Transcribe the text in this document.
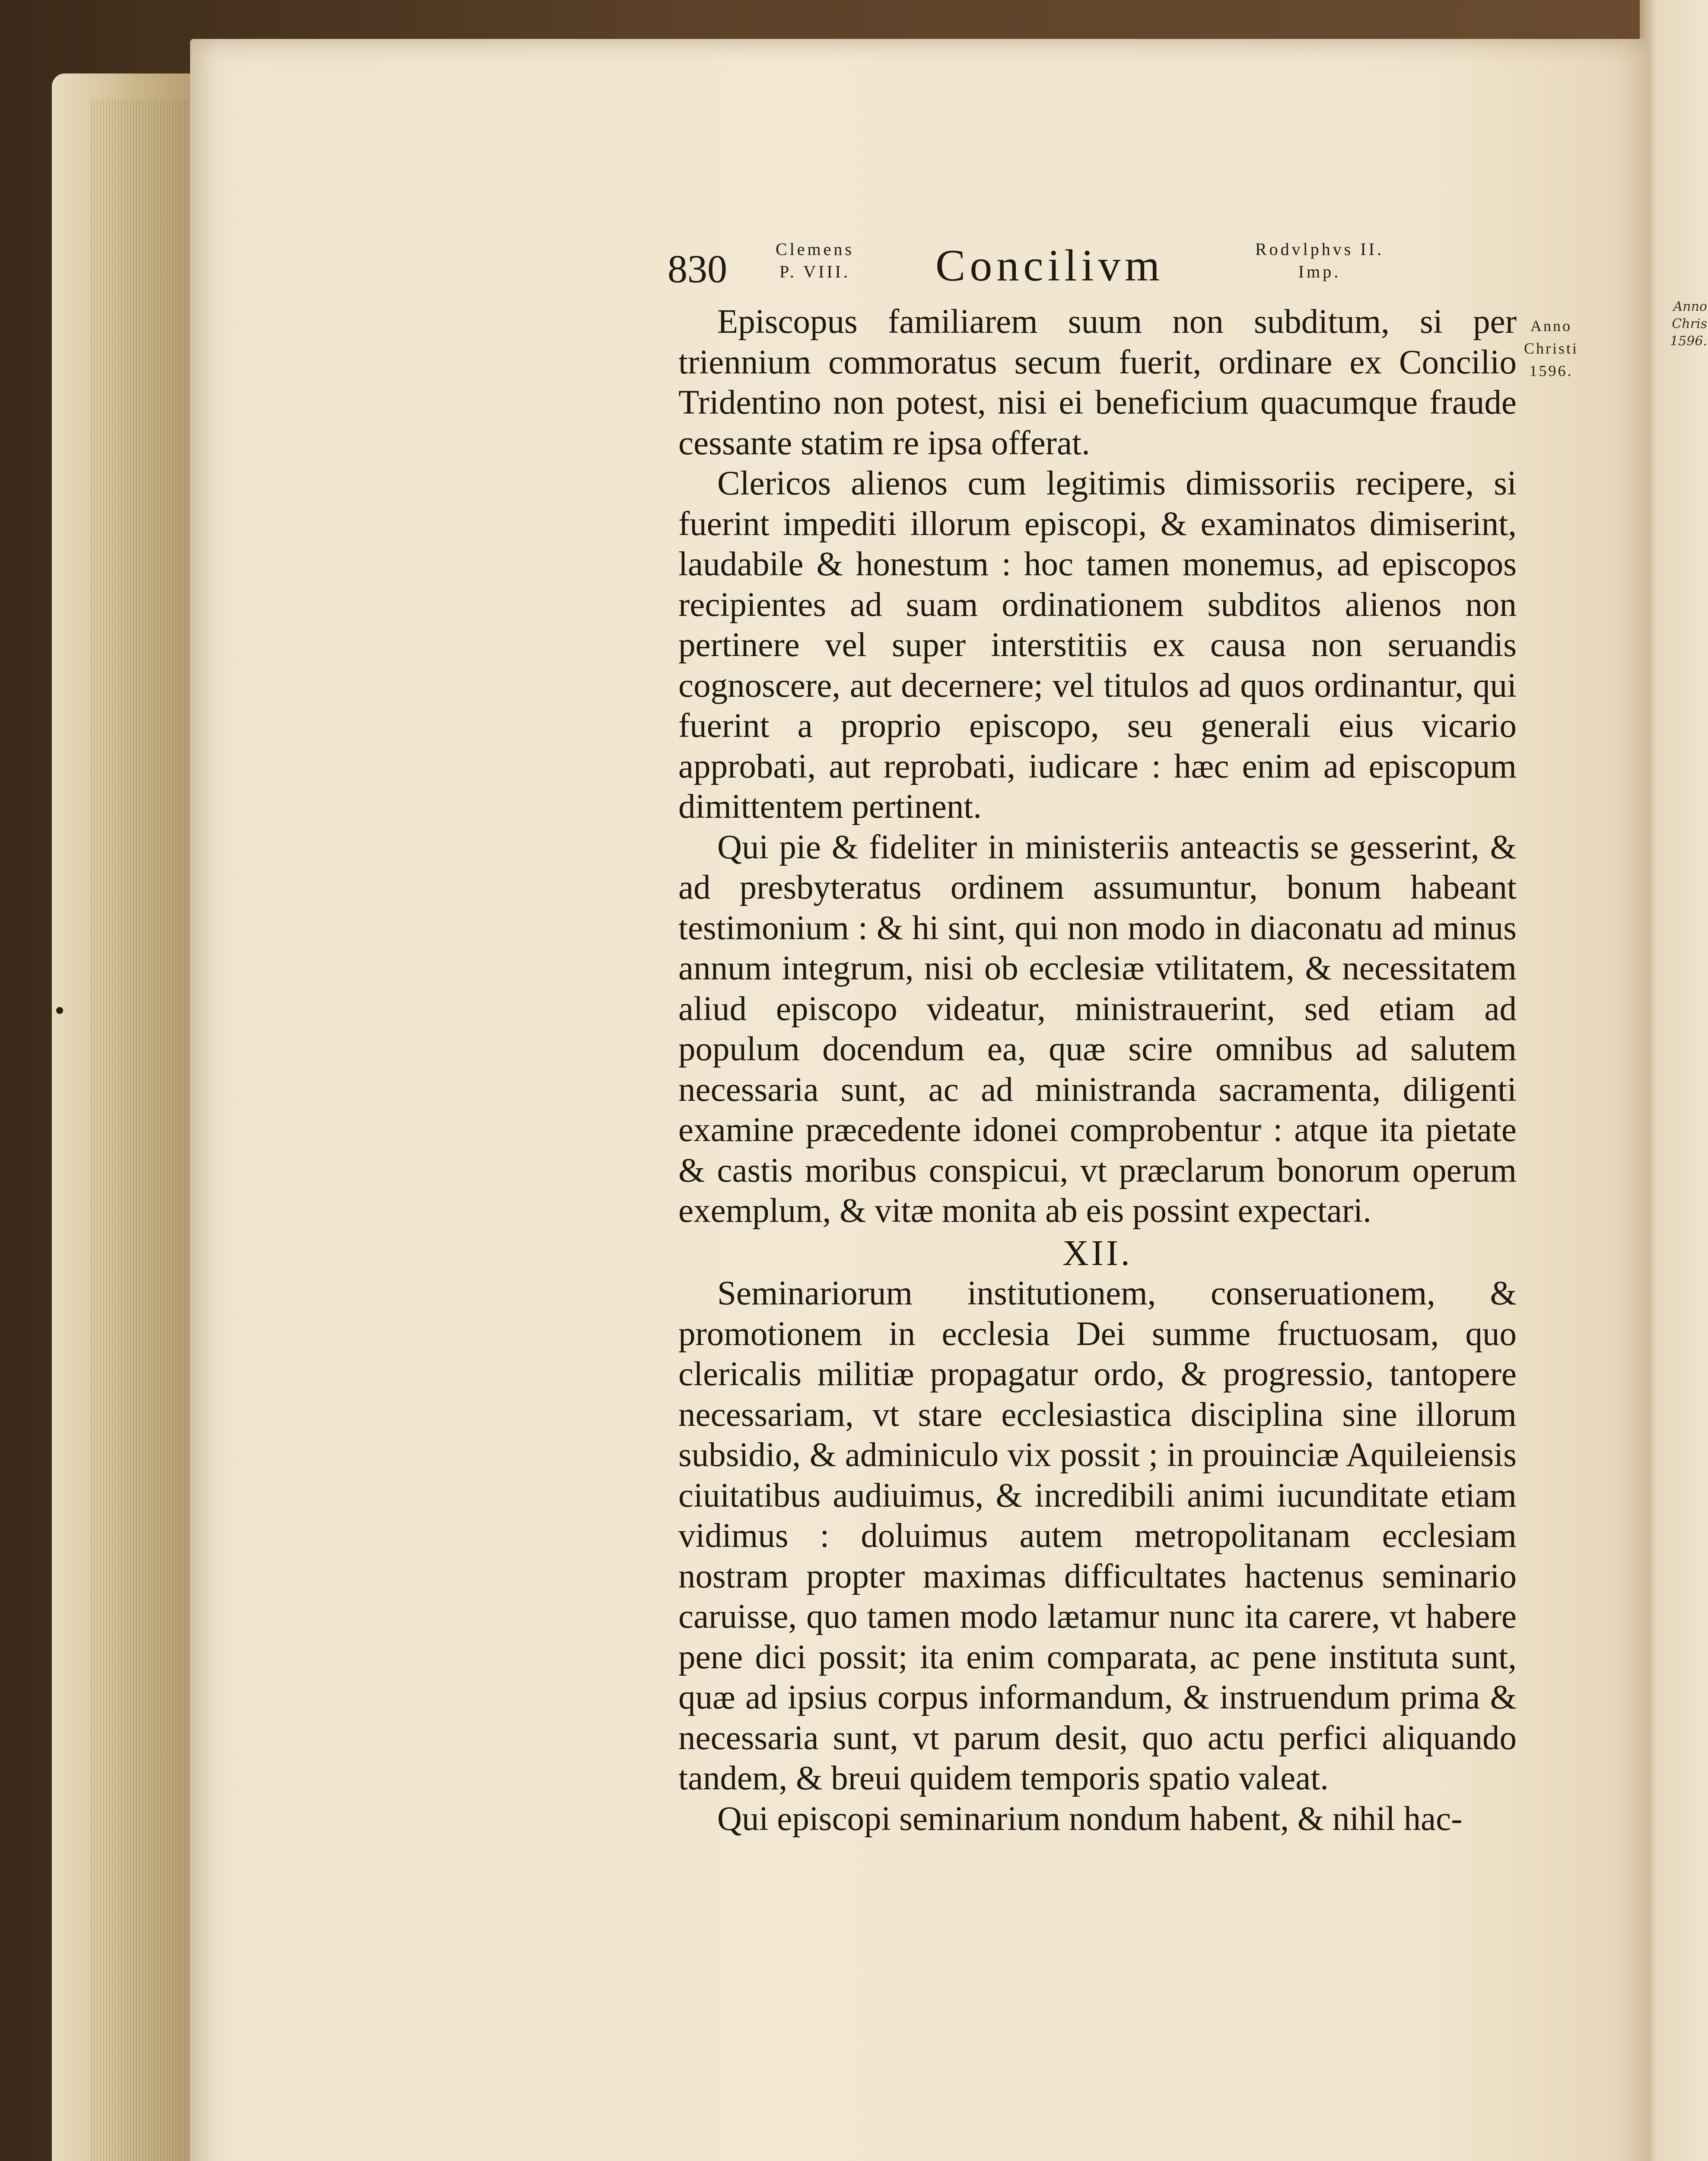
Anno
Chris
1596.
830	Clemens
P. VIII. Concilivm	Rodvlphvs II.
Imp.
Anno
Christi
1596.

Episcopus familiarem suum non subditum, si per triennium commoratus secum fuerit, ordinare ex Concilio Tridentino non potest, nisi ei beneficium quacumque fraude cessante statim re ipsa offerat.

Clericos alienos cum legitimis dimissoriis recipere, si fuerint impediti illorum episcopi, & examinatos dimiserint, laudabile & honestum : hoc tamen monemus, ad episcopos recipientes ad suam ordinationem subditos alienos non pertinere vel super interstitiis ex causa non seruandis cognoscere, aut decernere; vel titulos ad quos ordinantur, qui fuerint a proprio episcopo, seu generali eius vicario approbati, aut reprobati, iudicare : hæc enim ad episcopum dimittentem pertinent.

Qui pie & fideliter in ministeriis anteactis se gesserint, & ad presbyteratus ordinem assumuntur, bonum habeant testimonium : & hi sint, qui non modo in diaconatu ad minus annum integrum, nisi ob ecclesiæ vtilitatem, & necessitatem aliud episcopo videatur, ministrauerint, sed etiam ad populum docendum ea, quæ scire omnibus ad salutem necessaria sunt, ac ad ministranda sacramenta, diligenti examine præcedente idonei comprobentur : atque ita pietate & castis moribus conspicui, vt præclarum bonorum operum exemplum, & vitæ monita ab eis possint expectari.

XII.

Seminariorum institutionem, conseruationem, & promotionem in ecclesia Dei summe fructuosam, quo clericalis militiæ propagatur ordo, & progressio, tantopere necessariam, vt stare ecclesiastica disciplina sine illorum subsidio, & adminiculo vix possit ; in prouinciæ Aquileiensis ciuitatibus audiuimus, & incredibili animi iucunditate etiam vidimus : doluimus autem metropolitanam ecclesiam nostram propter maximas difficultates hactenus seminario caruisse, quo tamen modo lætamur nunc ita carere, vt habere pene dici possit; ita enim comparata, ac pene instituta sunt, quæ ad ipsius corpus informandum, & instruendum prima & necessaria sunt, vt parum desit, quo actu perfici aliquando tandem, & breui quidem temporis spatio valeat.

Qui episcopi seminarium nondum habent, & nihil hac-
